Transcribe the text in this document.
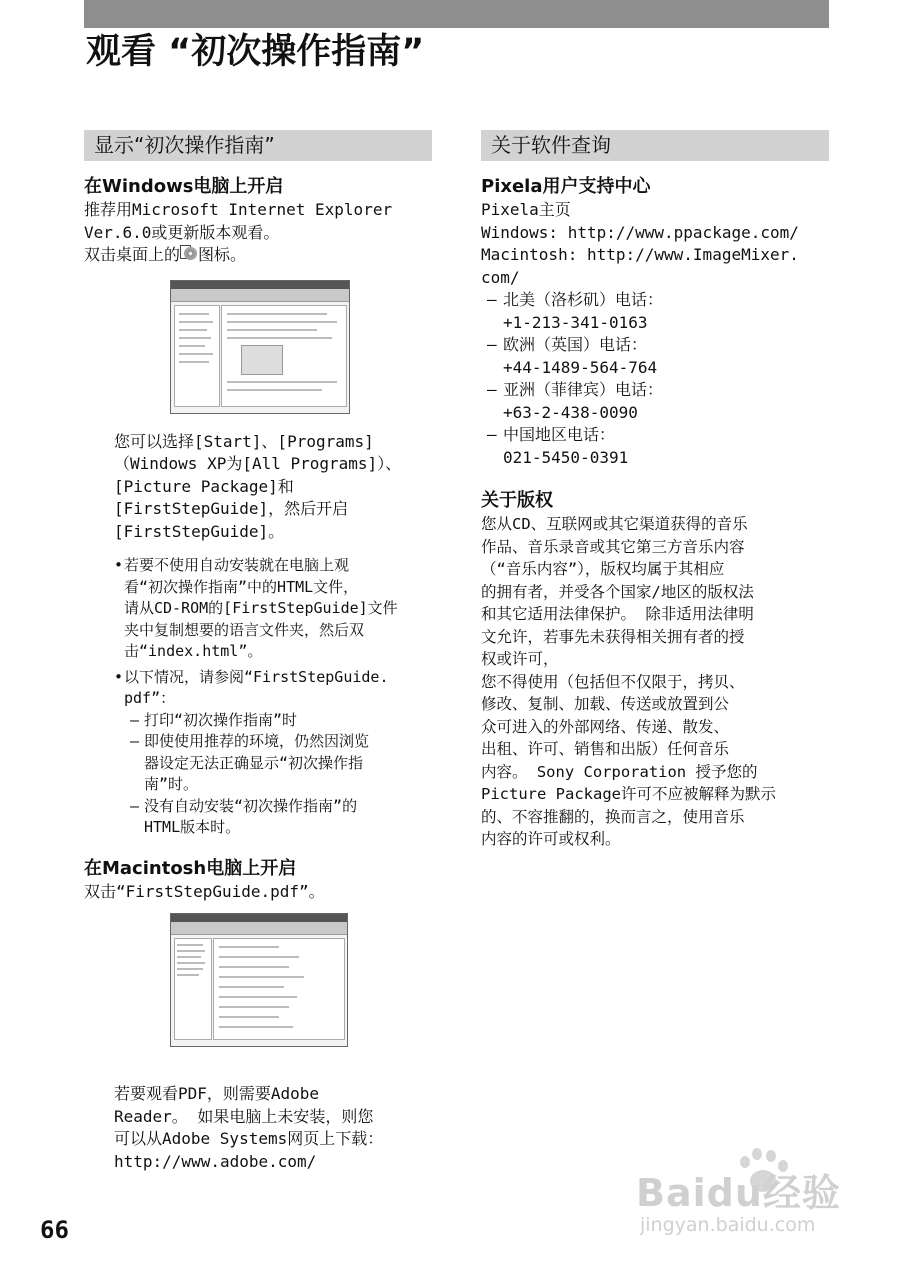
观看 “初次操作指南”
显示“初次操作指南”
在Windows电脑上开启

推荐用Microsoft Internet Explorer

Ver.6.0或更新版本观看。

双击桌面上的 图标。

您可以选择[Start]、[Programs]

（Windows XP为[All Programs]）、

[Picture Package]和

[FirstStepGuide]，然后开启

[FirstStepGuide]。

• 若要不使用自动安装就在电脑上观
看“初次操作指南”中的HTML文件，
请从CD-ROM的[FirstStepGuide]文件
夹中复制想要的语言文件夹，然后双
击“index.html”。
• 以下情况，请参阅“FirstStepGuide.
pdf”：
– 打印“初次操作指南”时
– 即使使用推荐的环境，仍然因浏览
器设定无法正确显示“初次操作指
南”时。
– 没有自动安装“初次操作指南”的
HTML版本时。
在Macintosh电脑上开启
双击“FirstStepGuide.pdf”。

若要观看PDF，则需要Adobe

Reader。 如果电脑上未安装，则您

可以从Adobe Systems网页上下载：

http://www.adobe.com/

关于软件查询
Pixela用户支持中心

Pixela主页

Windows: http://www.ppackage.com/

Macintosh: http://www.ImageMixer.

com/

– 北美（洛杉矶）电话：
+1-213-341-0163
– 欧洲（英国）电话：
+44-1489-564-764
– 亚洲（菲律宾）电话：
+63-2-438-0090
– 中国地区电话：
021-5450-0391
关于版权

您从CD、互联网或其它渠道获得的音乐

作品、音乐录音或其它第三方音乐内容

（“音乐内容”），版权均属于其相应

的拥有者，并受各个国家/地区的版权法

和其它适用法律保护。 除非适用法律明

文允许，若事先未获得相关拥有者的授

权或许可，

您不得使用（包括但不仅限于，拷贝、

修改、复制、加载、传送或放置到公

众可进入的外部网络、传递、散发、

出租、许可、销售和出版）任何音乐

内容。 Sony Corporation 授予您的

Picture Package许可不应被解释为默示

的、不容推翻的，换而言之，使用音乐

内容的许可或权利。

66
Baidu经验
jingyan.baidu.com
